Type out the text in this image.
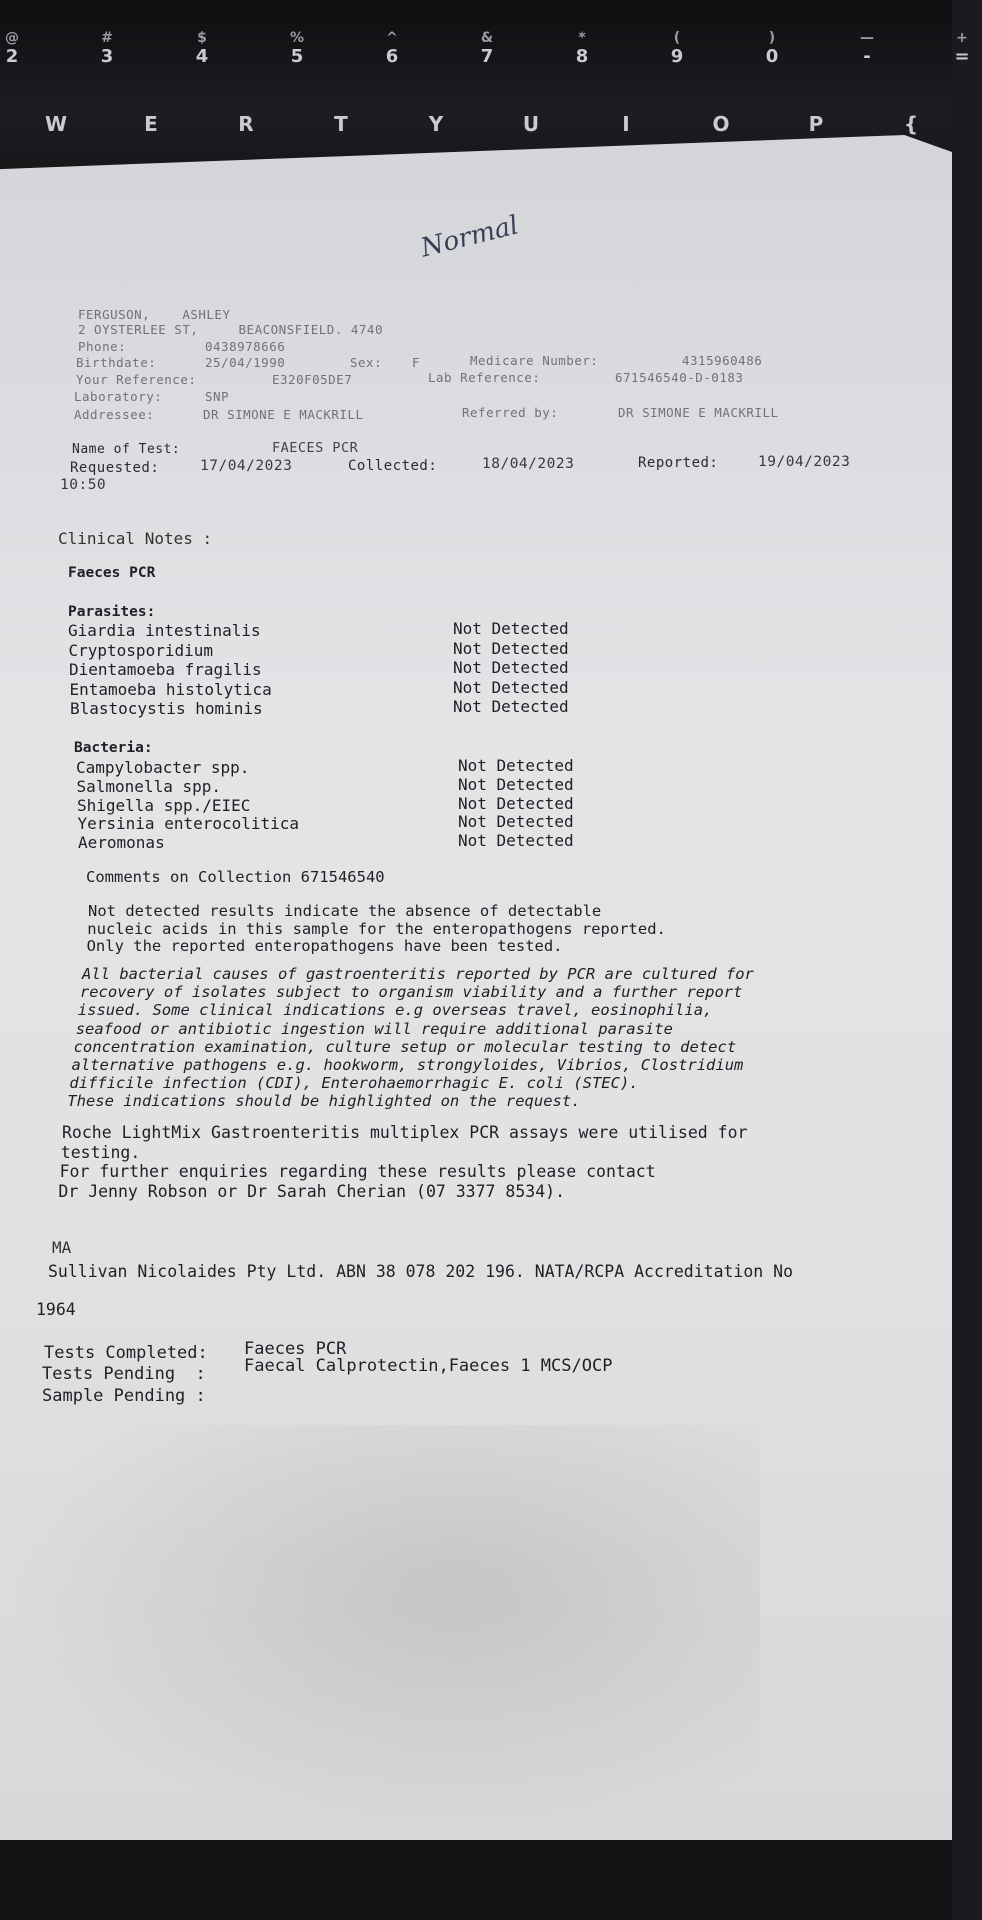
@
2
#
3
$
4
%
5
^
6
&
7
*
8
(
9
)
0
—
-
+
=
W	E	R	T	Y	U	I	O	P	{
Normal
FERGUSON,    ASHLEY
2 OYSTERLEE ST,     BEACONSFIELD. 4740
Phone:	0438978666
Birthdate:	25/04/1990	Sex: F	Medicare Number:	4315960486
Your Reference:	E320F05DE7	Lab Reference:	671546540-D-0183
Laboratory:	SNP
Addressee:	DR SIMONE E MACKRILL	Referred by:	DR SIMONE E MACKRILL
Name of Test:	FAECES PCR
Requested:	17/04/2023	Collected:	18/04/2023	Reported:	19/04/2023
10:50
Clinical Notes :
Faeces PCR
Parasites:
Giardia intestinalis	Not Detected
Cryptosporidium	Not Detected
Dientamoeba fragilis	Not Detected
Entamoeba histolytica	Not Detected
Blastocystis hominis	Not Detected
Bacteria:
Campylobacter spp.	Not Detected
Salmonella spp.	Not Detected
Shigella spp./EIEC	Not Detected
Yersinia enterocolitica	Not Detected
Aeromonas	Not Detected
Comments on Collection 671546540
Not detected results indicate the absence of detectable
nucleic acids in this sample for the enteropathogens reported.
Only the reported enteropathogens have been tested.
All bacterial causes of gastroenteritis reported by PCR are cultured for
recovery of isolates subject to organism viability and a further report
issued. Some clinical indications e.g overseas travel, eosinophilia,
seafood or antibiotic ingestion will require additional parasite
concentration examination, culture setup or molecular testing to detect
alternative pathogens e.g. hookworm, strongyloides, Vibrios, Clostridium
difficile infection (CDI), Enterohaemorrhagic E. coli (STEC).
These indications should be highlighted on the request.
Roche LightMix Gastroenteritis multiplex PCR assays were utilised for
testing.
For further enquiries regarding these results please contact
Dr Jenny Robson or Dr Sarah Cherian (07 3377 8534).
MA
Sullivan Nicolaides Pty Ltd. ABN 38 078 202 196. NATA/RCPA Accreditation No
1964
Tests Completed: Faeces PCR
Tests Pending  : Faecal Calprotectin,Faeces 1 MCS/OCP
Sample Pending :
